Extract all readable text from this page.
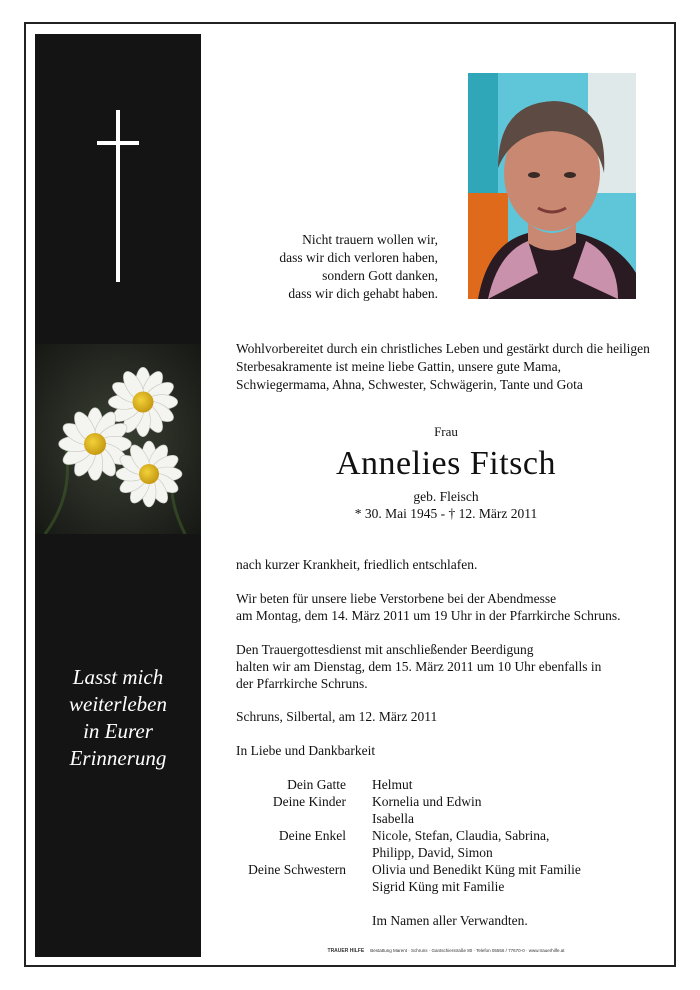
Lasst mich
weiterleben
in Eurer
Erinnerung
Nicht trauern wollen wir,
dass wir dich verloren haben,
sondern Gott danken,
dass wir dich gehabt haben.
Wohlvorbereitet durch ein christliches Leben und gestärkt durch die heiligen Sterbesakramente ist meine liebe Gattin, unsere gute Mama, Schwiegermama, Ahna, Schwester, Schwägerin, Tante und Gota
Frau
Annelies Fitsch
geb. Fleisch
* 30. Mai 1945 - † 12. März 2011
nach kurzer Krankheit, friedlich entschlafen.
Wir beten für unsere liebe Verstorbene bei der Abendmesse
am Montag, dem 14. März 2011 um 19 Uhr in der Pfarrkirche Schruns.
Den Trauergottesdienst mit anschließender Beerdigung
halten wir am Dienstag, dem 15. März 2011 um 10 Uhr ebenfalls in
der Pfarrkirche Schruns.
Schruns, Silbertal, am 12. März 2011
In Liebe und Dankbarkeit
Dein Gatte Helmut
Deine Kinder Kornelia und Edwin
Isabella
Deine Enkel Nicole, Stefan, Claudia, Sabrina,
Philipp, David, Simon
Deine Schwestern Olivia und Benedikt Küng mit Familie
Sigrid Küng mit Familie
Im Namen aller Verwandten.
TRAUER HILFE Bestattung Marent · Schruns · Gantschierstraße 80 · Telefon 05556 / 77670-0 · www.trauerhilfe.at
